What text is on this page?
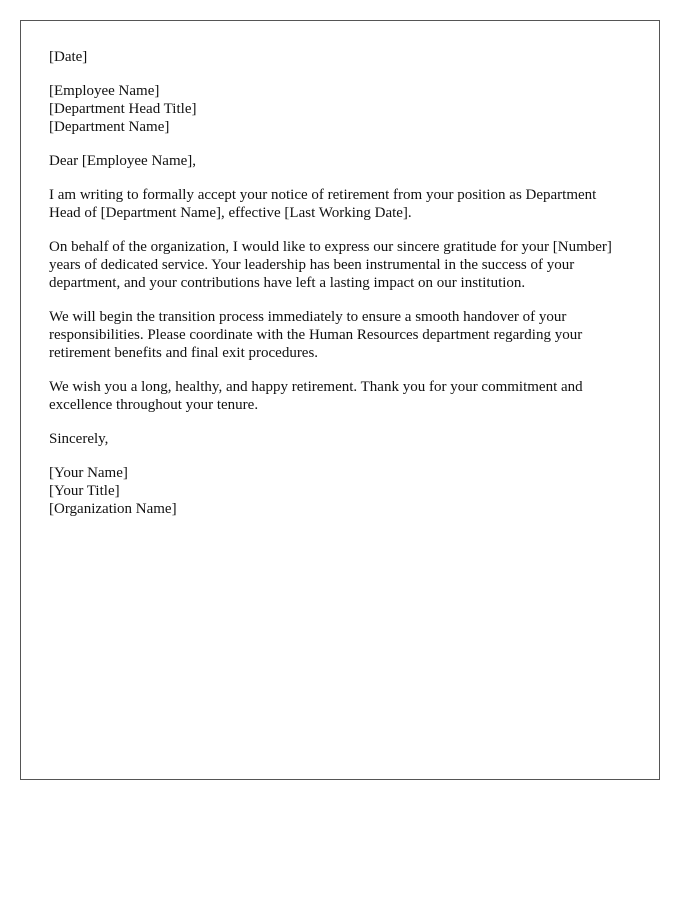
[Date]
[Employee Name]
[Department Head Title]
[Department Name]

Dear [Employee Name],

I am writing to formally accept your notice of retirement from your position as Department Head of [Department Name], effective [Last Working Date].

On behalf of the organization, I would like to express our sincere gratitude for your [Number] years of dedicated service. Your leadership has been instrumental in the success of your department, and your contributions have left a lasting impact on our institution.

We will begin the transition process immediately to ensure a smooth handover of your responsibilities. Please coordinate with the Human Resources department regarding your retirement benefits and final exit procedures.

We wish you a long, healthy, and happy retirement. Thank you for your commitment and excellence throughout your tenure.

Sincerely,

[Your Name]
[Your Title]
[Organization Name]
